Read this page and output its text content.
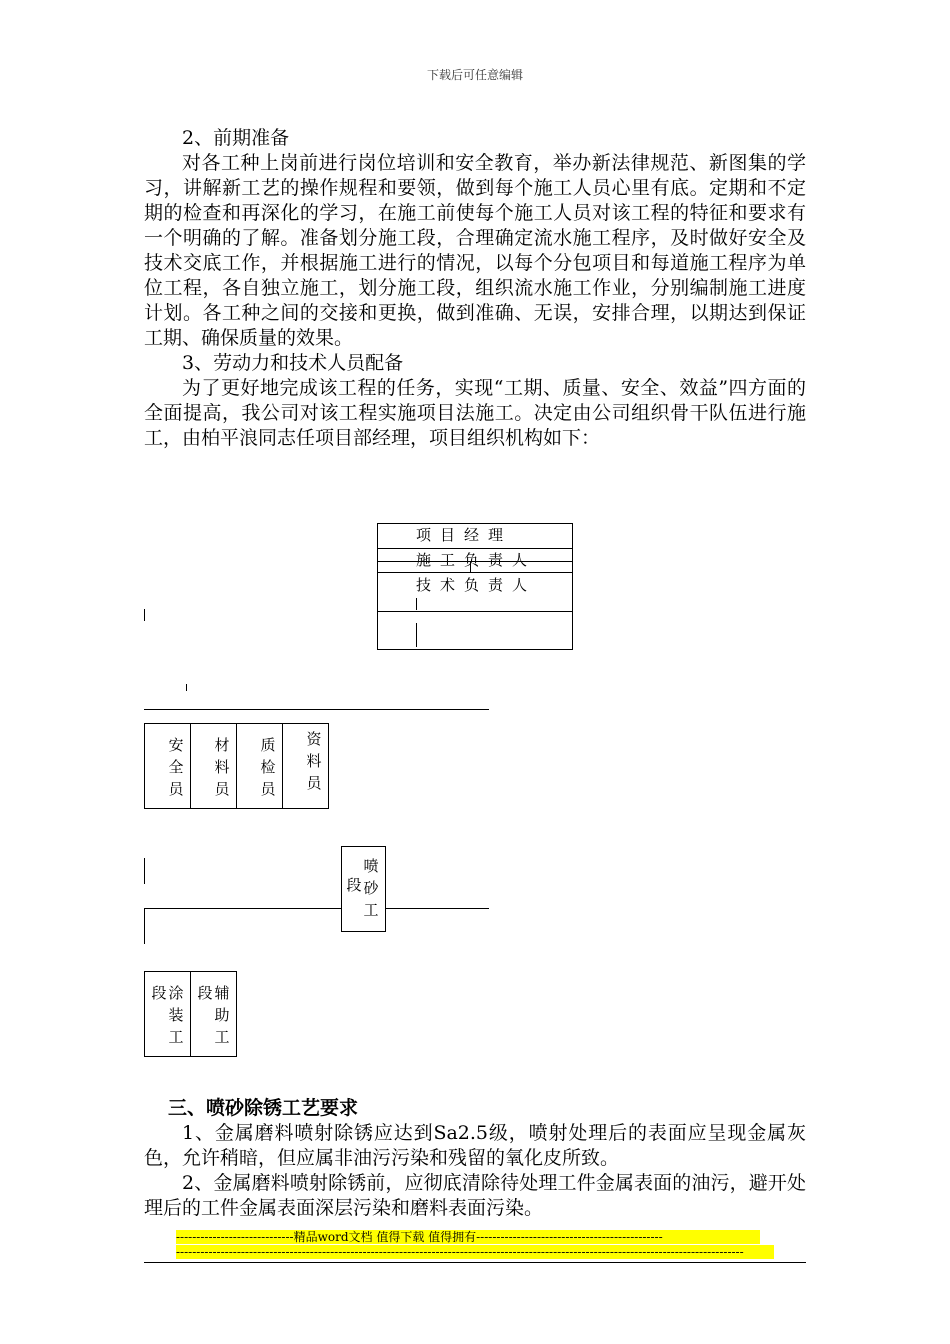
下载后可任意编辑

2、前期准备

对各工种上岗前进行岗位培训和安全教育，举办新法律规范、新图集的学习，讲解新工艺的操作规程和要领，做到每个施工人员心里有底。定期和不定期的检查和再深化的学习，在施工前使每个施工人员对该工程的特征和要求有一个明确的了解。准备划分施工段，合理确定流水施工程序，及时做好安全及技术交底工作，并根据施工进行的情况，以每个分包项目和每道施工程序为单位工程，各自独立施工，划分施工段，组织流水施工作业，分别编制施工进度计划。各工种之间的交接和更换，做到准确、无误，安排合理，以期达到保证工期、确保质量的效果。

3、劳动力和技术人员配备

为了更好地完成该工程的任务，实现“工期、质量、安全、效益”四方面的全面提高，我公司对该工程实施项目法施工。决定由公司组织骨干队伍进行施工，由柏平浪同志任项目部经理，项目组织机构如下：

项目经理
施工负责人
技术负责人
安全员
材料员
质检员
资料员
段
喷砂工
段 涂装工
段 辅助工

三、喷砂除锈工艺要求

1、金属磨料喷射除锈应达到Sa2.5级，喷射处理后的表面应呈现金属灰色，允许稍暗，但应属非油污污染和残留的氧化皮所致。

2、金属磨料喷射除锈前，应彻底清除待处理工件金属表面的油污，避开处理后的工件金属表面深层污染和磨料表面污染。

-----------------------------精品word文档 值得下载 值得拥有----------------------------------------------
--------------------------------------------------------------------------------------------------------------------------------------------
